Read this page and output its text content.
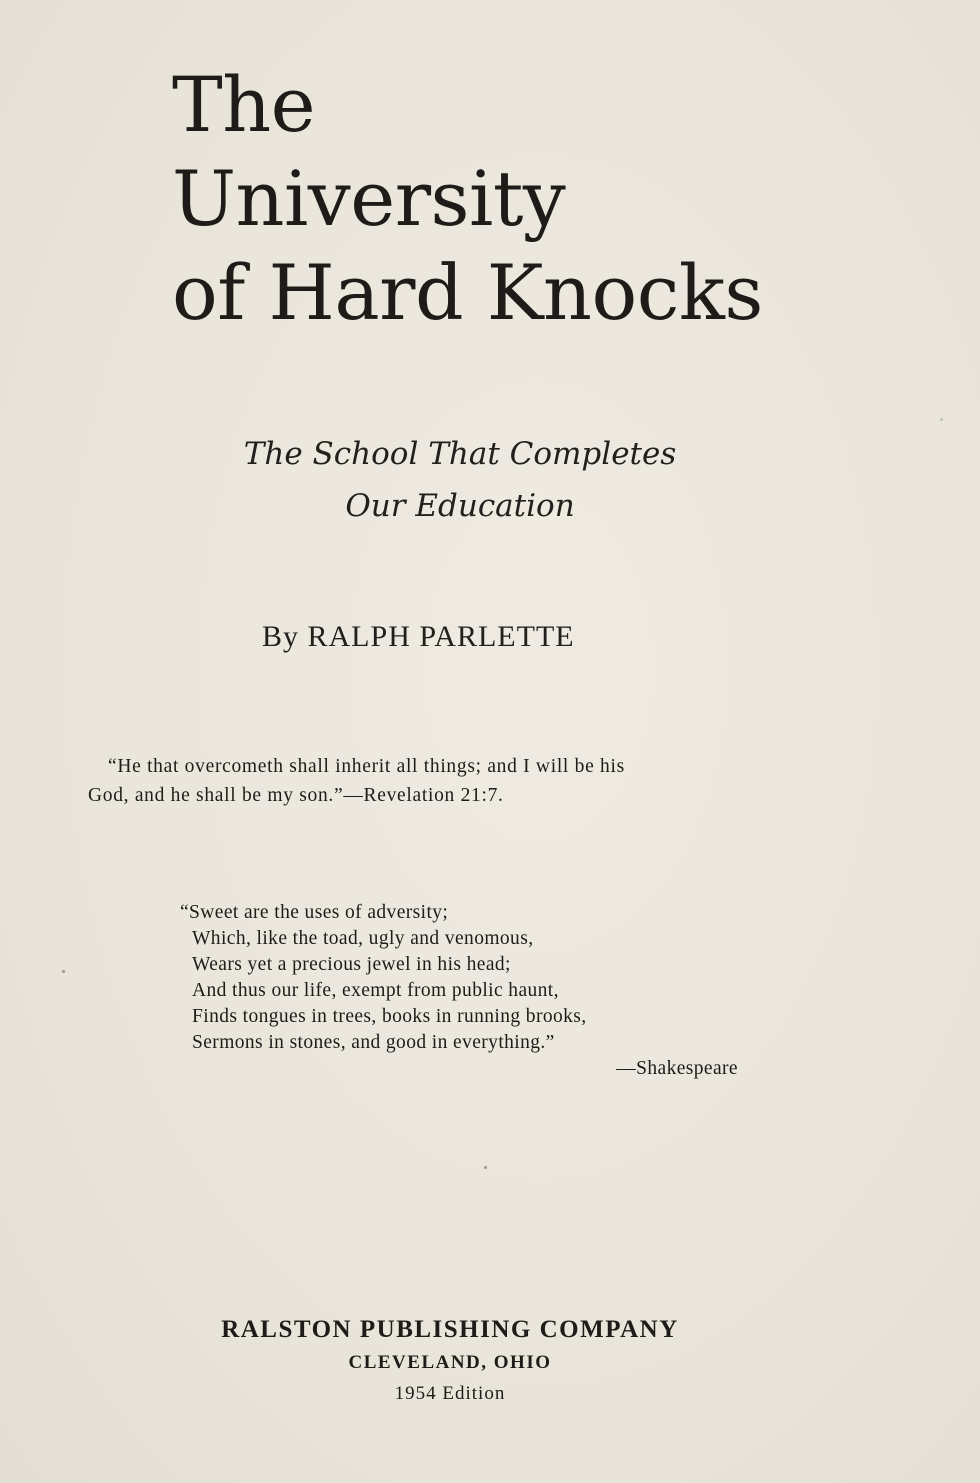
The
University
of Hard Knocks
The School That Completes
Our Education
By RALPH PARLETTE
“He that overcometh shall inherit all things; and I will be his
God, and he shall be my son.”—Revelation 21:7.
“Sweet are the uses of adversity;
Which, like the toad, ugly and venomous,
Wears yet a precious jewel in his head;
And thus our life, exempt from public haunt,
Finds tongues in trees, books in running brooks,
Sermons in stones, and good in everything.”
—Shakespeare
RALSTON PUBLISHING COMPANY
CLEVELAND, OHIO
1954 Edition
